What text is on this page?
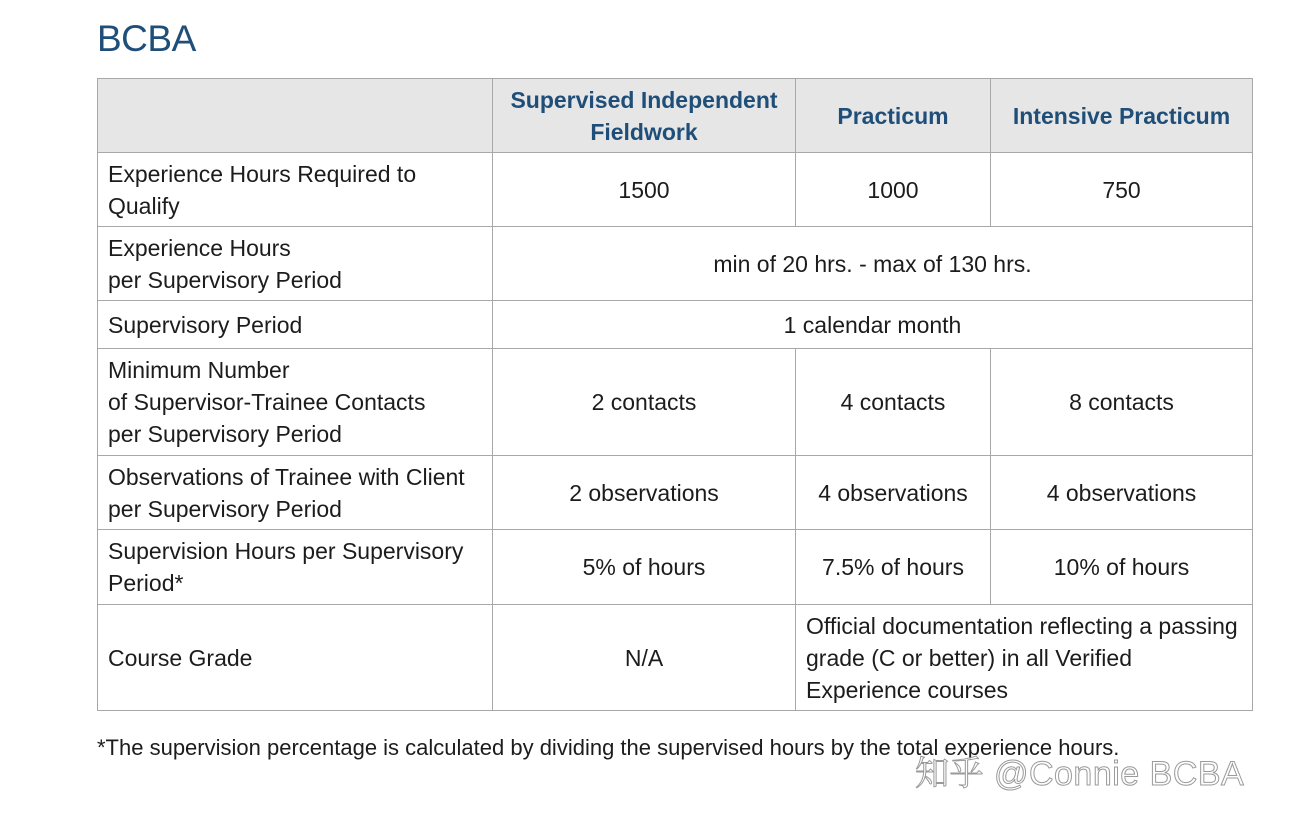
BCBA
	Supervised Independent Fieldwork	Practicum	Intensive Practicum
Experience Hours Required to Qualify	1500	1000	750
Experience Hours
per Supervisory Period	min of 20 hrs. - max of 130 hrs.		
Supervisory Period	1 calendar month		
Minimum Number
of Supervisor-Trainee Contacts
per Supervisory Period	2 contacts	4 contacts	8 contacts
Observations of Trainee with Client per Supervisory Period	2 observations	4 observations	4 observations
Supervision Hours per Supervisory Period*	5% of hours	7.5% of hours	10% of hours
Course Grade	N/A	Official documentation reflecting a passing grade (C or better) in all Verified Experience courses	

*The supervision percentage is calculated by dividing the supervised hours by the total experience hours.

知乎 @Connie BCBA
